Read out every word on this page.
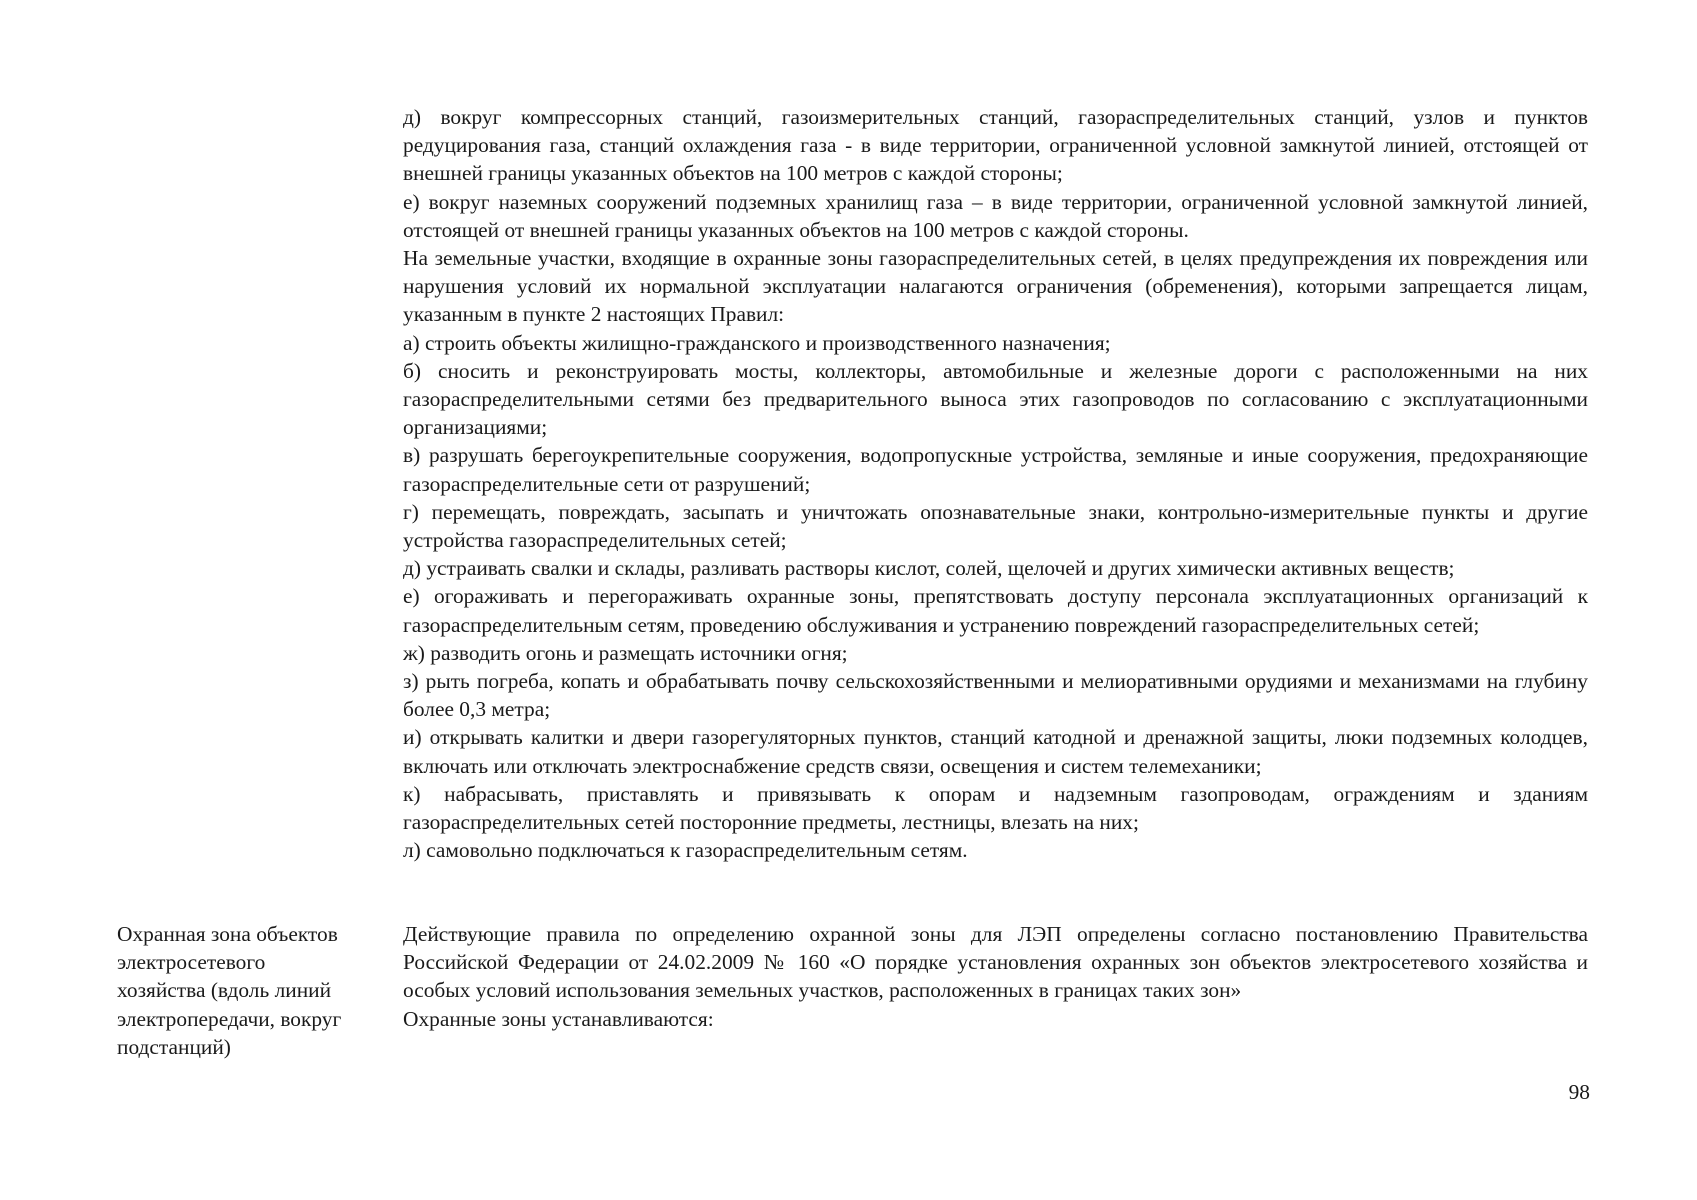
д) вокруг компрессорных станций, газоизмерительных станций, газораспределительных станций, узлов и пунктов редуцирования газа, станций охлаждения газа - в виде территории, ограниченной условной замкнутой линией, отстоящей от внешней границы указанных объектов на 100 метров с каждой стороны;

е) вокруг наземных сооружений подземных хранилищ газа – в виде территории, ограниченной условной замкнутой линией, отстоящей от внешней границы указанных объектов на 100 метров с каждой стороны.

На земельные участки, входящие в охранные зоны газораспределительных сетей, в целях предупреждения их повреждения или нарушения условий их нормальной эксплуатации налагаются ограничения (обременения), которыми запрещается лицам, указанным в пункте 2 настоящих Правил:

а) строить объекты жилищно-гражданского и производственного назначения;

б) сносить и реконструировать мосты, коллекторы, автомобильные и железные дороги с расположенными на них газораспределительными сетями без предварительного выноса этих газопроводов по согласованию с эксплуатационными организациями;

в) разрушать берегоукрепительные сооружения, водопропускные устройства, земляные и иные сооружения, предохраняющие газораспределительные сети от разрушений;

г) перемещать, повреждать, засыпать и уничтожать опознавательные знаки, контрольно-измерительные пункты и другие устройства газораспределительных сетей;

д) устраивать свалки и склады, разливать растворы кислот, солей, щелочей и других химически активных веществ;

е) огораживать и перегораживать охранные зоны, препятствовать доступу персонала эксплуатационных организаций к газораспределительным сетям, проведению обслуживания и устранению повреждений газораспределительных сетей;

ж) разводить огонь и размещать источники огня;

з) рыть погреба, копать и обрабатывать почву сельскохозяйственными и мелиоративными орудиями и механизмами на глубину более 0,3 метра;

и) открывать калитки и двери газорегуляторных пунктов, станций катодной и дренажной защиты, люки подземных колодцев, включать или отключать электроснабжение средств связи, освещения и систем телемеханики;

к) набрасывать, приставлять и привязывать к опорам и надземным газопроводам, ограждениям и зданиям газораспределительных сетей посторонние предметы, лестницы, влезать на них;

л) самовольно подключаться к газораспределительным сетям.

Охранная зона объектов
электросетевого
хозяйства (вдоль линий
электропередачи, вокруг
подстанций)

Действующие правила по определению охранной зоны для ЛЭП определены согласно постановлению Правительства Российской Федерации от 24.02.2009 № 160 «О порядке установления охранных зон объектов электросетевого хозяйства и особых условий использования земельных участков, расположенных в границах таких зон»

Охранные зоны устанавливаются:

98
